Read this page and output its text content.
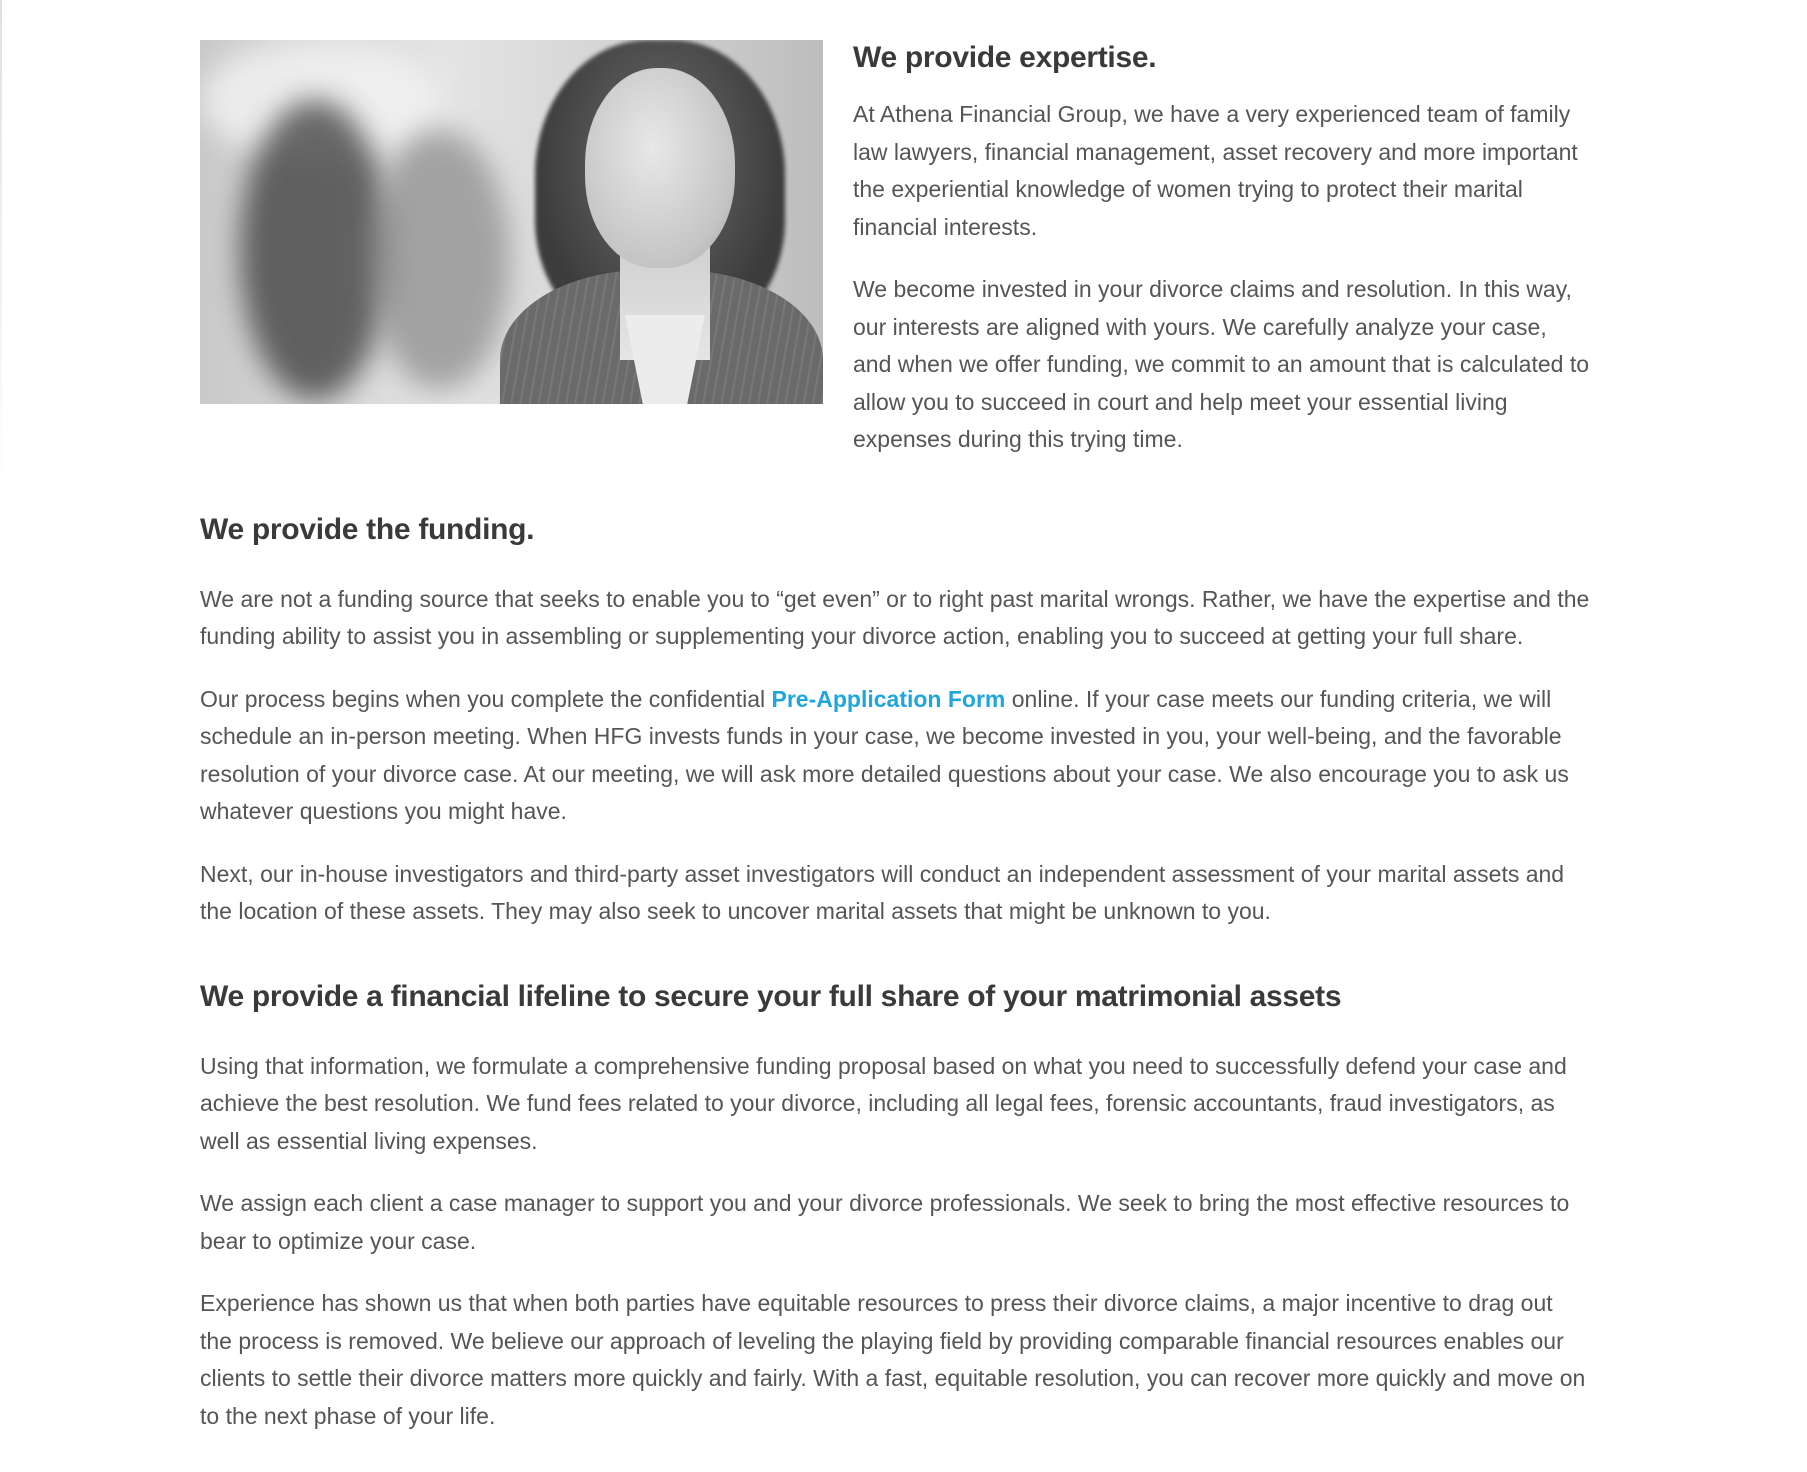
We provide expertise.

At Athena Financial Group, we have a very experienced team of family law lawyers, financial management, asset recovery and more important the experiential knowledge of women trying to protect their marital financial interests.

We become invested in your divorce claims and resolution. In this way, our interests are aligned with yours. We carefully analyze your case, and when we offer funding, we commit to an amount that is calculated to allow you to succeed in court and help meet your essential living expenses during this trying time.

We provide the funding.

We are not a funding source that seeks to enable you to “get even” or to right past marital wrongs. Rather, we have the expertise and the funding ability to assist you in assembling or supplementing your divorce action, enabling you to succeed at getting your full share.

Our process begins when you complete the confidential Pre-Application Form online. If your case meets our funding criteria, we will schedule an in-person meeting. When HFG invests funds in your case, we become invested in you, your well-being, and the favorable resolution of your divorce case. At our meeting, we will ask more detailed questions about your case. We also encourage you to ask us whatever questions you might have.

Next, our in-house investigators and third-party asset investigators will conduct an independent assessment of your marital assets and the location of these assets. They may also seek to uncover marital assets that might be unknown to you.

We provide a financial lifeline to secure your full share of your matrimonial assets

Using that information, we formulate a comprehensive funding proposal based on what you need to successfully defend your case and achieve the best resolution. We fund fees related to your divorce, including all legal fees, forensic accountants, fraud investigators, as well as essential living expenses.

We assign each client a case manager to support you and your divorce professionals. We seek to bring the most effective resources to bear to optimize your case.

Experience has shown us that when both parties have equitable resources to press their divorce claims, a major incentive to drag out the process is removed. We believe our approach of leveling the playing field by providing comparable financial resources enables our clients to settle their divorce matters more quickly and fairly. With a fast, equitable resolution, you can recover more quickly and move on to the next phase of your life.
